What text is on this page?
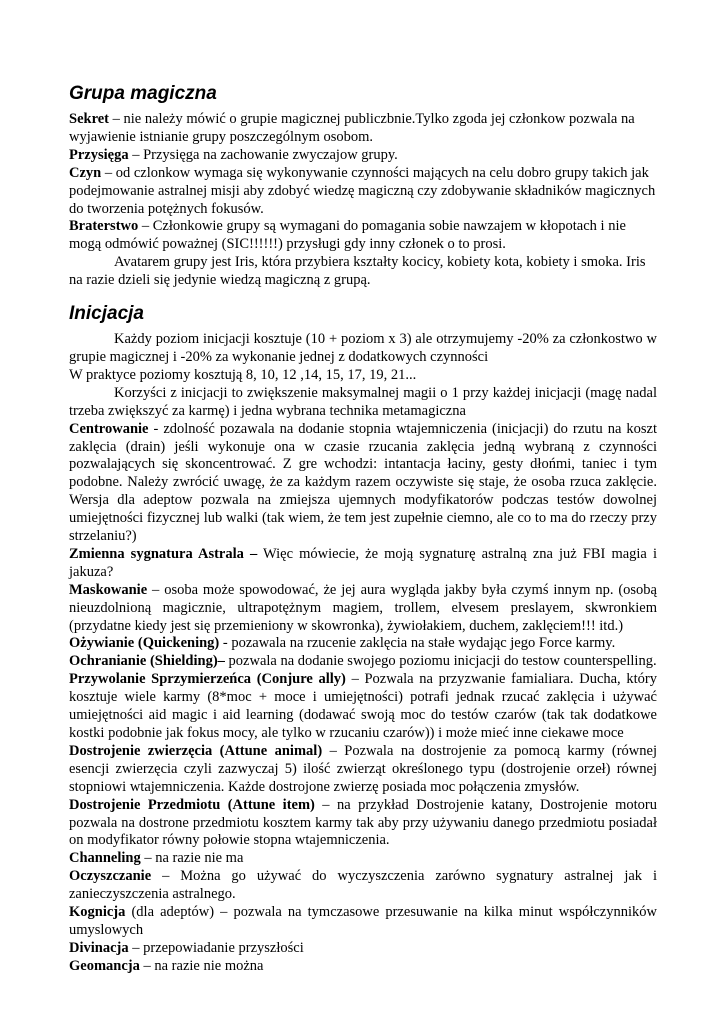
Grupa magiczna

Sekret – nie należy mówić o grupie magicznej publiczbnie.Tylko zgoda jej członkow pozwala na wyjawienie istnianie grupy poszczególnym osobom.

Przysięga – Przysięga na zachowanie zwyczajow grupy.

Czyn – od czlonkow wymaga się wykonywanie czynności mających na celu dobro grupy takich jak podejmowanie astralnej misji aby zdobyć wiedzę magiczną czy zdobywanie składników magicznych do tworzenia potężnych fokusów.

Braterstwo – Członkowie grupy są wymagani do pomagania sobie nawzajem w kłopotach i nie mogą odmówić poważnej (SIC!!!!!!) przysługi gdy inny członek o to prosi.

Avatarem grupy jest Iris, która przybiera kształty kocicy, kobiety kota, kobiety i smoka. Iris na razie dzieli się jedynie wiedzą magiczną z grupą.

Inicjacja

Każdy poziom inicjacji kosztuje (10 + poziom x 3) ale otrzymujemy -20% za członkostwo w grupie magicznej i -20% za wykonanie jednej z dodatkowych czynności

W praktyce poziomy kosztują 8, 10, 12 ,14, 15, 17, 19, 21...

Korzyści z inicjacji to zwiększenie maksymalnej magii o 1 przy każdej inicjacji (magę nadal trzeba zwiększyć za karmę) i jedna wybrana technika metamagiczna

Centrowanie - zdolność pozawala na dodanie stopnia wtajemniczenia (inicjacji) do rzutu na koszt zaklęcia (drain) jeśli wykonuje ona w czasie rzucania zaklęcia jedną wybraną z czynności pozwalających się skoncentrować. Z gre wchodzi: intantacja łaciny, gesty dłońmi, taniec i tym podobne. Należy zwrócić uwagę, że za każdym razem oczywiste się staje, że osoba rzuca zaklęcie. Wersja dla adeptow pozwala na zmiejsza ujemnych modyfikatorów podczas testów dowolnej umiejętności fizycznej lub walki (tak wiem, że tem jest zupełnie ciemno, ale co to ma do rzeczy przy strzelaniu?)

Zmienna sygnatura Astrala – Więc mówiecie, że moją sygnaturę astralną zna już FBI magia i jakuza?

Maskowanie – osoba może spowodować, że jej aura wygląda jakby była czymś innym np. (osobą nieuzdolnioną magicznie, ultrapotężnym magiem, trollem, elvesem preslayem, skwronkiem (przydatne kiedy jest się przemieniony w skowronka), żywiołakiem, duchem, zaklęciem!!! itd.)

Ożywianie (Quickening) - pozawala na rzucenie zaklęcia na stałe wydając jego Force karmy.

Ochranianie (Shielding)– pozwala na dodanie swojego poziomu inicjacji do testow counterspelling.

Przywolanie Sprzymierzeńca (Conjure ally) – Pozwala na przyzwanie famialiara. Ducha, który kosztuje wiele karmy (8*moc + moce i umiejętności) potrafi jednak rzucać zaklęcia i używać umiejętności aid magic i aid learning (dodawać swoją moc do testów czarów (tak tak dodatkowe kostki podobnie jak fokus mocy, ale tylko w rzucaniu czarów)) i może mieć inne ciekawe moce

Dostrojenie zwierzęcia (Attune animal) – Pozwala na dostrojenie za pomocą karmy (równej esencji zwierzęcia czyli zazwyczaj 5) ilość zwierząt określonego typu (dostrojenie orzeł) równej stopniowi wtajemniczenia. Każde dostrojone zwierzę posiada moc połączenia zmysłów.

Dostrojenie Przedmiotu (Attune item) – na przykład Dostrojenie katany, Dostrojenie motoru pozwala na dostrone przedmiotu kosztem karmy tak aby przy używaniu danego przedmiotu posiadał on modyfikator równy połowie stopna wtajemniczenia.

Channeling – na razie nie ma

Oczyszczanie – Można go używać do wyczyszczenia zarówno sygnatury astralnej jak i zanieczyszczenia astralnego.

Kognicja (dla adeptów) – pozwala na tymczasowe przesuwanie na kilka minut współczynników umyslowych

Divinacja – przepowiadanie przyszłości

Geomancja – na razie nie można
